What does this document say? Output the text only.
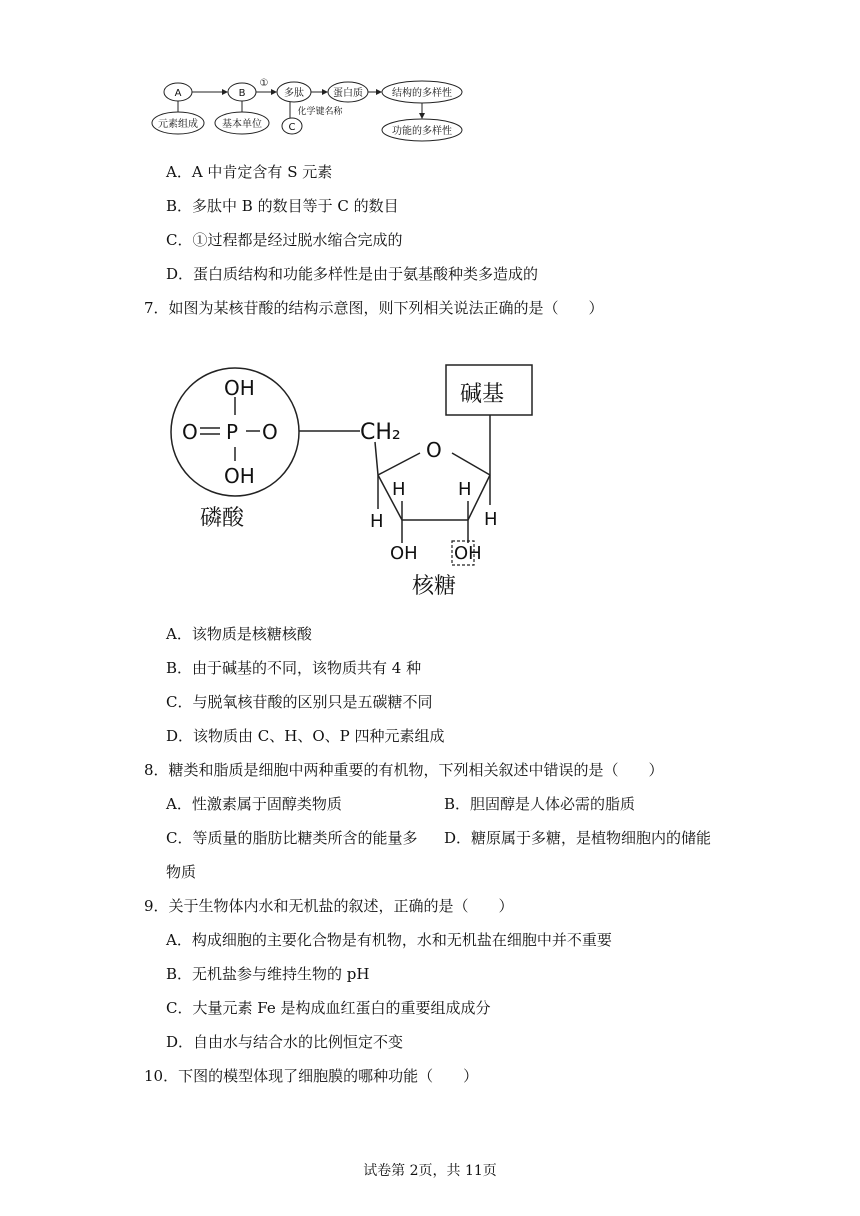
A
元素组成
B
基本单位
①
多肽
C
化学键名称
蛋白质	结构的多样性
功能的多样性
A．A 中肯定含有 S 元素
B．多肽中 B 的数目等于 C 的数目
C．①过程都是经过脱水缩合完成的
D．蛋白质结构和功能多样性是由于氨基酸种类多造成的
7．如图为某核苷酸的结构示意图，则下列相关说法正确的是（　　）
OH
O P O
OH
CH₂
O
H	H
H	H
OH OH
碱基
磷酸
核糖
A．该物质是核糖核酸
B．由于碱基的不同，该物质共有 4 种
C．与脱氧核苷酸的区别只是五碳糖不同
D．该物质由 C、H、O、P 四种元素组成
8．糖类和脂质是细胞中两种重要的有机物，下列相关叙述中错误的是（　　）
A．性激素属于固醇类物质	B．胆固醇是人体必需的脂质
C．等质量的脂肪比糖类所含的能量多 D．糖原属于多糖，是植物细胞内的储能
物质
9．关于生物体内水和无机盐的叙述，正确的是（　　）
A．构成细胞的主要化合物是有机物，水和无机盐在细胞中并不重要
B．无机盐参与维持生物的 pH
C．大量元素 Fe 是构成血红蛋白的重要组成成分
D．自由水与结合水的比例恒定不变
10．下图的模型体现了细胞膜的哪种功能（　　）
试卷第 2页，共 11页
